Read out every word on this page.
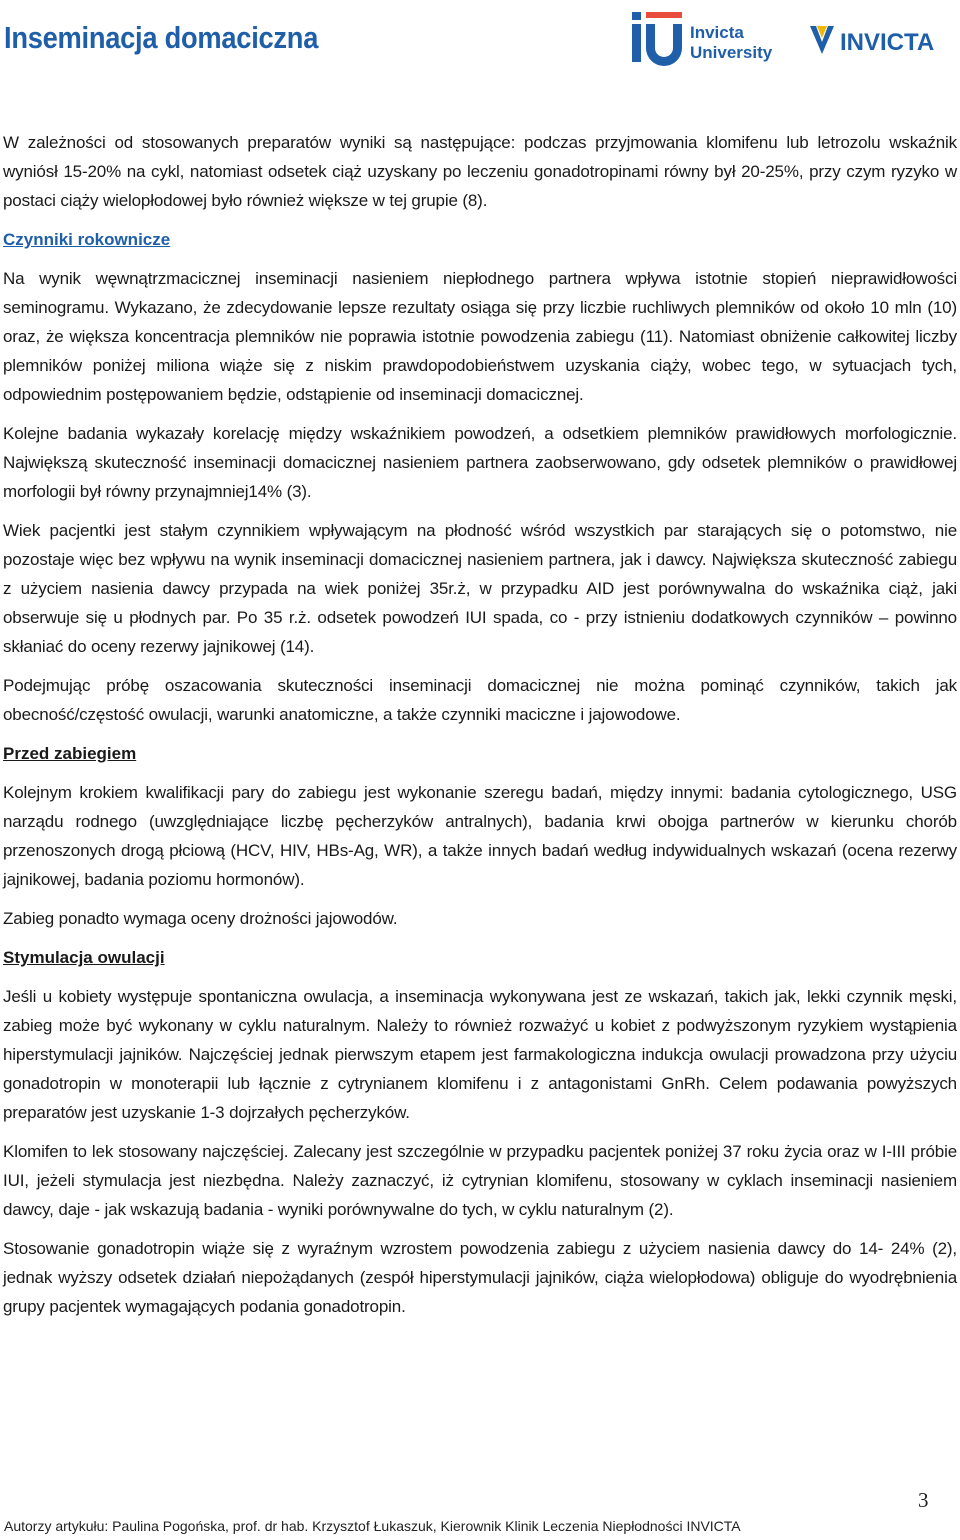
Inseminacja domaciczna	Invicta
University	INVICTA

W zależności od stosowanych preparatów wyniki są następujące: podczas przyjmowania klomifenu lub letrozolu wskaźnik wyniósł 15-20% na cykl, natomiast odsetek ciąż uzyskany po leczeniu gonadotropinami równy był 20-25%, przy czym ryzyko w postaci ciąży wielopłodowej było również większe w tej grupie (8).

Czynniki rokownicze

Na wynik węwnątrzmacicznej inseminacji nasieniem niepłodnego partnera wpływa istotnie stopień nieprawidłowości seminogramu. Wykazano, że zdecydowanie lepsze rezultaty osiąga się przy liczbie ruchliwych plemników od około 10 mln (10) oraz, że większa koncentracja plemników nie poprawia istotnie powodzenia zabiegu (11). Natomiast obniżenie całkowitej liczby plemników poniżej miliona wiąże się z niskim prawdopodobieństwem uzyskania ciąży, wobec tego, w sytuacjach tych, odpowiednim postępowaniem będzie, odstąpienie od inseminacji domacicznej.

Kolejne badania wykazały korelację między wskaźnikiem powodzeń, a odsetkiem plemników prawidłowych morfologicznie. Największą skuteczność inseminacji domacicznej nasieniem partnera zaobserwowano, gdy odsetek plemników o prawidłowej morfologii był równy przynajmniej14% (3).

Wiek pacjentki jest stałym czynnikiem wpływającym na płodność wśród wszystkich par starających się o potomstwo, nie pozostaje więc bez wpływu na wynik inseminacji domacicznej nasieniem partnera, jak i dawcy. Największa skuteczność zabiegu z użyciem nasienia dawcy przypada na wiek poniżej 35r.ż, w przypadku AID jest porównywalna do wskaźnika ciąż, jaki obserwuje się u płodnych par. Po 35 r.ż. odsetek powodzeń IUI spada, co - przy istnieniu dodatkowych czynników – powinno skłaniać do oceny rezerwy jajnikowej (14).

Podejmując próbę oszacowania skuteczności inseminacji domacicznej nie można pominąć czynników, takich jak obecność/częstość owulacji, warunki anatomiczne, a także czynniki maciczne i jajowodowe.

Przed zabiegiem

Kolejnym krokiem kwalifikacji pary do zabiegu jest wykonanie szeregu badań, między innymi: badania cytologicznego, USG narządu rodnego (uwzględniające liczbę pęcherzyków antralnych), badania krwi obojga partnerów w kierunku chorób przenoszonych drogą płciową (HCV, HIV, HBs-Ag, WR), a także innych badań według indywidualnych wskazań (ocena rezerwy jajnikowej, badania poziomu hormonów).

Zabieg ponadto wymaga oceny drożności jajowodów.

Stymulacja owulacji

Jeśli u kobiety występuje spontaniczna owulacja, a inseminacja wykonywana jest ze wskazań, takich jak, lekki czynnik męski, zabieg może być wykonany w cyklu naturalnym. Należy to również rozważyć u kobiet z podwyższonym ryzykiem wystąpienia hiperstymulacji jajników. Najczęściej jednak pierwszym etapem jest farmakologiczna indukcja owulacji prowadzona przy użyciu gonadotropin w monoterapii lub łącznie z cytrynianem klomifenu i z antagonistami GnRh. Celem podawania powyższych preparatów jest uzyskanie 1-3 dojrzałych pęcherzyków.

Klomifen to lek stosowany najczęściej. Zalecany jest szczególnie w przypadku pacjentek poniżej 37 roku życia oraz w I-III próbie IUI, jeżeli stymulacja jest niezbędna. Należy zaznaczyć, iż cytrynian klomifenu, stosowany w cyklach inseminacji nasieniem dawcy, daje - jak wskazują badania - wyniki porównywalne do tych, w cyklu naturalnym (2).

Stosowanie gonadotropin wiąże się z wyraźnym wzrostem powodzenia zabiegu z użyciem nasienia dawcy do 14- 24% (2), jednak wyższy odsetek działań niepożądanych (zespół hiperstymulacji jajników, ciąża wielopłodowa) obliguje do wyodrębnienia grupy pacjentek wymagających podania gonadotropin.

3
Autorzy artykułu: Paulina Pogońska, prof. dr hab. Krzysztof Łukaszuk, Kierownik Klinik Leczenia Niepłodności INVICTA
